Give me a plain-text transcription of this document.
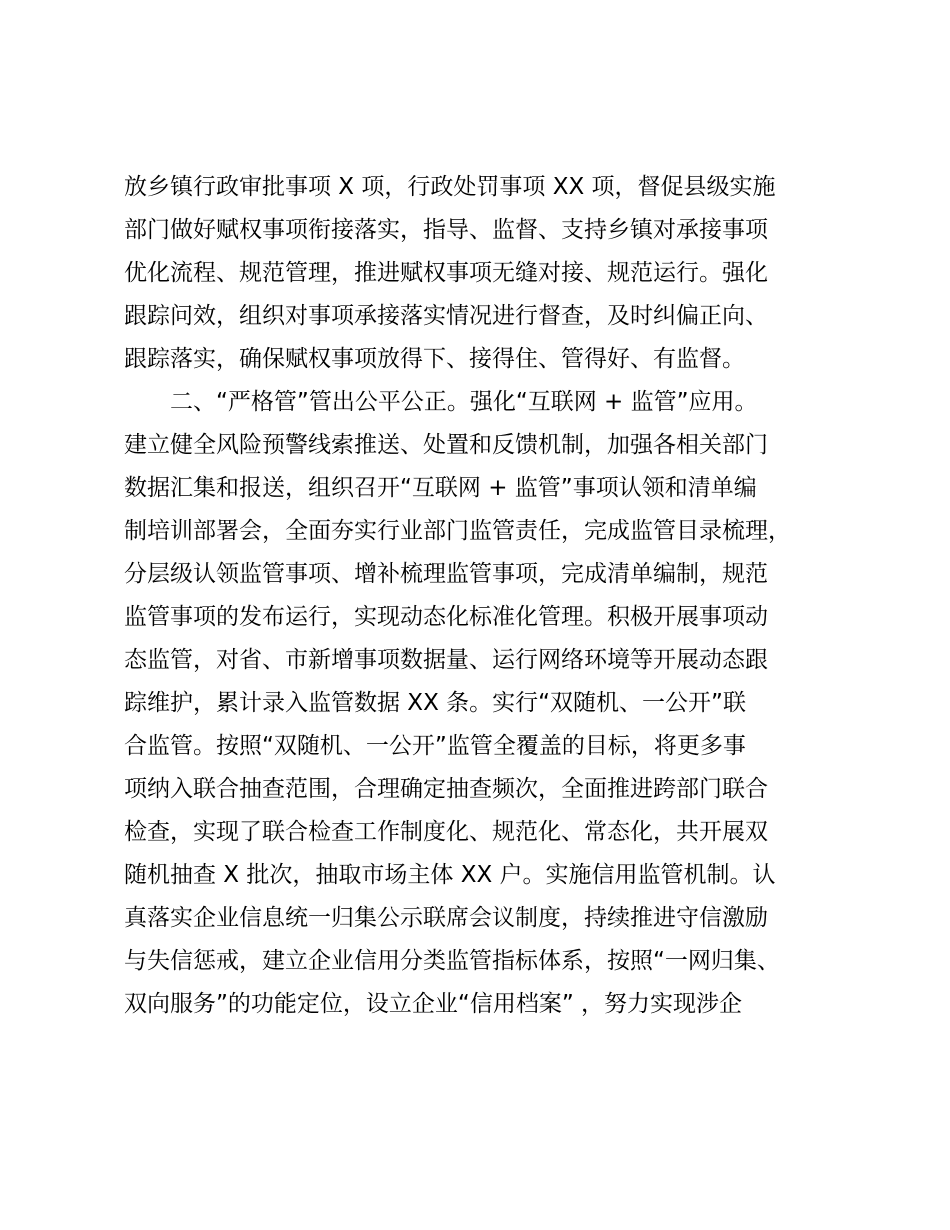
放乡镇行政审批事项 X 项，行政处罚事项 XX 项，督促县级实施
部门做好赋权事项衔接落实，指导、监督、支持乡镇对承接事项
优化流程、规范管理，推进赋权事项无缝对接、规范运行。强化
跟踪问效，组织对事项承接落实情况进行督查，及时纠偏正向、
跟踪落实，确保赋权事项放得下、接得住、管得好、有监督。
　　二、“严格管”管出公平公正。强化“互联网 + 监管”应用。
建立健全风险预警线索推送、处置和反馈机制，加强各相关部门
数据汇集和报送，组织召开“互联网 + 监管”事项认领和清单编
制培训部署会，全面夯实行业部门监管责任，完成监管目录梳理，
分层级认领监管事项、增补梳理监管事项，完成清单编制，规范
监管事项的发布运行，实现动态化标准化管理。积极开展事项动
态监管，对省、市新增事项数据量、运行网络环境等开展动态跟
踪维护，累计录入监管数据 XX 条。实行“双随机、一公开”联
合监管。按照“双随机、一公开”监管全覆盖的目标，将更多事
项纳入联合抽查范围，合理确定抽查频次，全面推进跨部门联合
检查，实现了联合检查工作制度化、规范化、常态化，共开展双
随机抽查 X 批次，抽取市场主体 XX 户。实施信用监管机制。认
真落实企业信息统一归集公示联席会议制度，持续推进守信激励
与失信惩戒，建立企业信用分类监管指标体系，按照“一网归集、
双向服务”的功能定位，设立企业“信用档案” ，努力实现涉企
